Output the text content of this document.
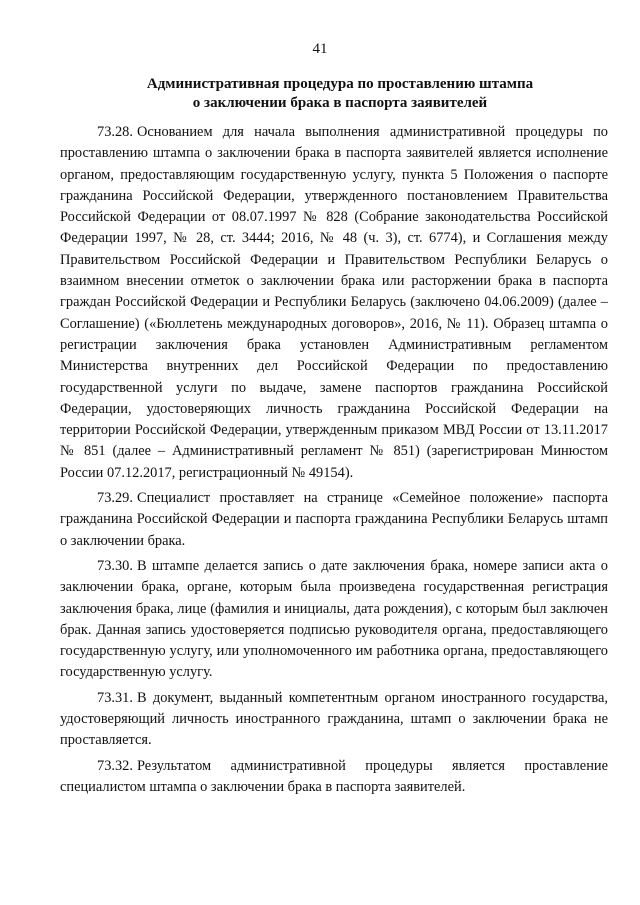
41
Административная процедура по проставлению штампа
о заключении брака в паспорта заявителей

73.28. Основанием для начала выполнения административной процедуры по проставлению штампа о заключении брака в паспорта заявителей является исполнение органом, предоставляющим государственную услугу, пункта 5 Положения о паспорте гражданина Российской Федерации, утвержденного постановлением Правительства Российской Федерации от 08.07.1997 № 828 (Собрание законодательства Российской Федерации 1997, № 28, ст. 3444; 2016, № 48 (ч. 3), ст. 6774), и Соглашения между Правительством Российской Федерации и Правительством Республики Беларусь о взаимном внесении отметок о заключении брака или расторжении брака в паспорта граждан Российской Федерации и Республики Беларусь (заключено 04.06.2009) (далее – Соглашение) («Бюллетень международных договоров», 2016, № 11). Образец штампа о регистрации заключения брака установлен Административным регламентом Министерства внутренних дел Российской Федерации по предоставлению государственной услуги по выдаче, замене паспортов гражданина Российской Федерации, удостоверяющих личность гражданина Российской Федерации на территории Российской Федерации, утвержденным приказом МВД России от 13.11.2017 № 851 (далее – Административный регламент № 851) (зарегистрирован Минюстом России 07.12.2017, регистрационный № 49154).

73.29. Специалист проставляет на странице «Семейное положение» паспорта гражданина Российской Федерации и паспорта гражданина Республики Беларусь штамп о заключении брака.

73.30. В штампе делается запись о дате заключения брака, номере записи акта о заключении брака, органе, которым была произведена государственная регистрация заключения брака, лице (фамилия и инициалы, дата рождения), с которым был заключен брак. Данная запись удостоверяется подписью руководителя органа, предоставляющего государственную услугу, или уполномоченного им работника органа, предоставляющего государственную услугу.

73.31. В документ, выданный компетентным органом иностранного государства, удостоверяющий личность иностранного гражданина, штамп о заключении брака не проставляется.

73.32. Результатом административной процедуры является проставление специалистом штампа о заключении брака в паспорта заявителей.
